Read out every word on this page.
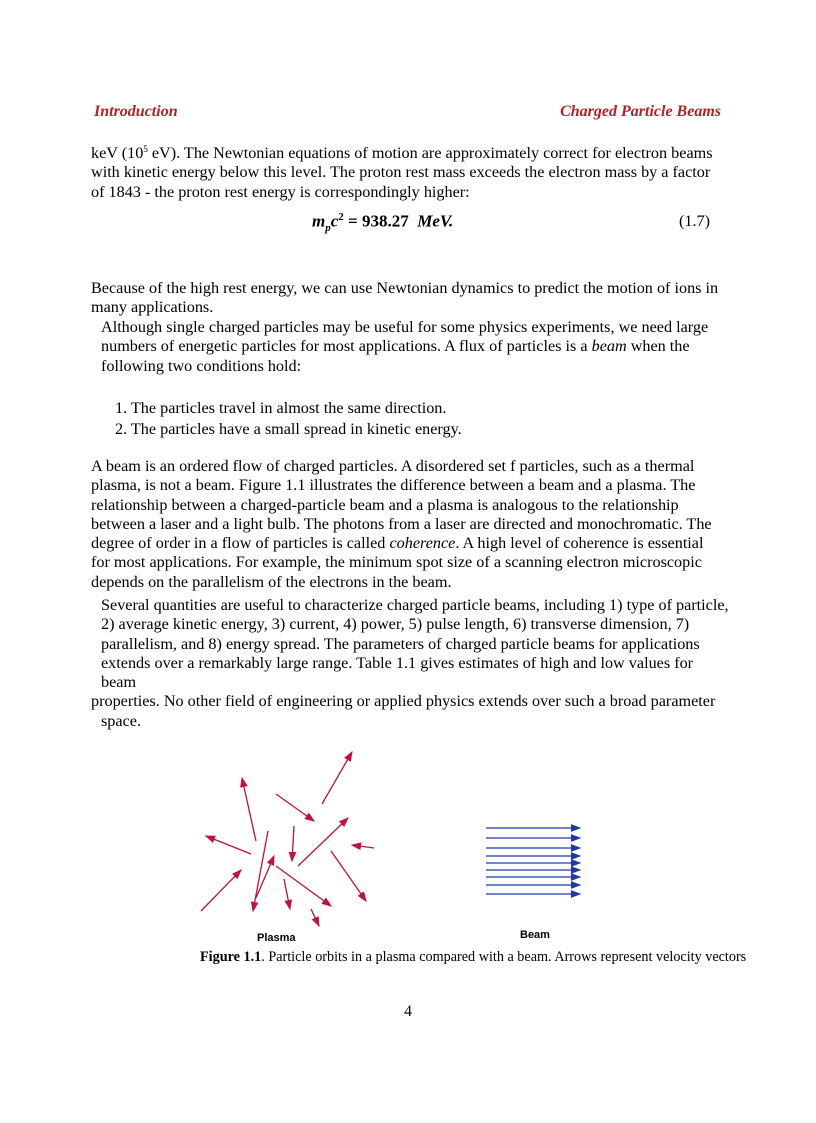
Introduction	Charged Particle Beams

keV ($10^5$ eV). The Newtonian equations of motion are approximately correct for electron beams with kinetic energy below this level. The proton rest mass exceeds the electron mass by a factor of 1843 - the proton rest energy is correspondingly higher:

$m_pc^2 = 938.27$ MeV.	(1.7)

Because of the high rest energy, we can use Newtonian dynamics to predict the motion of ions in many applications.

Although single charged particles may be useful for some physics experiments, we need large numbers of energetic particles for most applications. A flux of particles is a beam when the following two conditions hold:

1. The particles travel in almost the same direction.
2. The particles have a small spread in kinetic energy.

A beam is an ordered flow of charged particles. A disordered set f particles, such as a thermal plasma, is not a beam. Figure 1.1 illustrates the difference between a beam and a plasma. The relationship between a charged-particle beam and a plasma is analogous to the relationship between a laser and a light bulb. The photons from a laser are directed and monochromatic. The degree of order in a flow of particles is called coherence. A high level of coherence is essential for most applications. For example, the minimum spot size of a scanning electron microscopic depends on the parallelism of the electrons in the beam.

Several quantities are useful to characterize charged particle beams, including 1) type of particle, 2) average kinetic energy, 3) current, 4) power, 5) pulse length, 6) transverse dimension, 7) parallelism, and 8) energy spread. The parameters of charged particle beams for applications extends over a remarkably large range. Table 1.1 gives estimates of high and low values for beam
properties. No other field of engineering or applied physics extends over such a broad parameter space.

Plasma	Beam
Figure 1.1. Particle orbits in a plasma compared with a beam. Arrows represent velocity vectors
4
